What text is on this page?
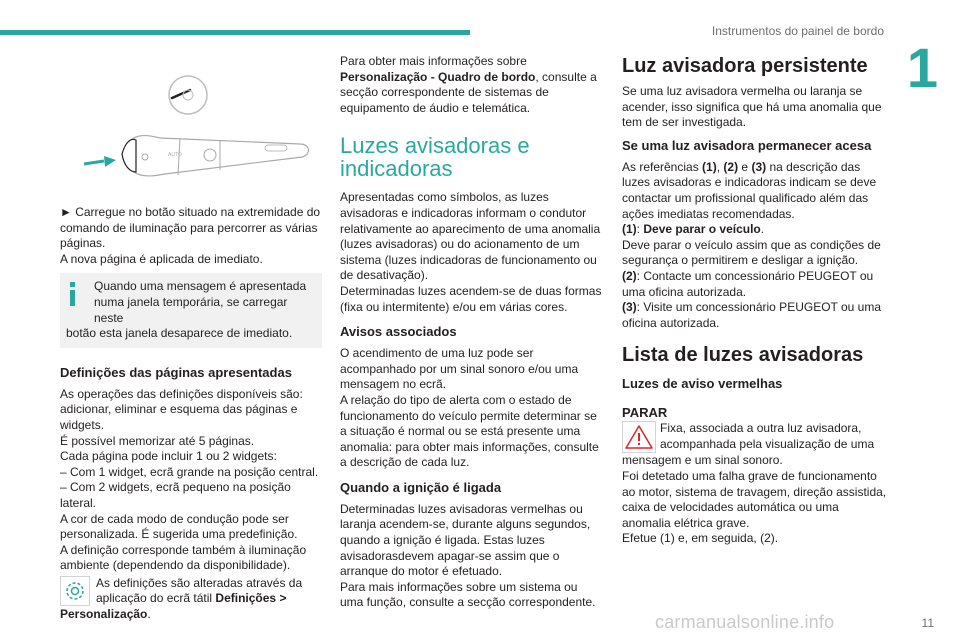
Instrumentos do painel de bordo
1
11
carmanualsonline.info
AUTO

► Carregue no botão situado na extremidade do comando de iluminação para percorrer as várias páginas.

A nova página é aplicada de imediato.

Quando uma mensagem é apresentada numa janela temporária, se carregar neste

botão esta janela desaparece de imediato.

Definições das páginas apresentadas

As operações das definições disponíveis são: adicionar, eliminar e esquema das páginas e widgets.

É possível memorizar até 5 páginas.

Cada página pode incluir 1 ou 2 widgets:

– Com 1 widget, ecrã grande na posição central.

– Com 2 widgets, ecrã pequeno na posição lateral.

A cor de cada modo de condução pode ser personalizada. É sugerida uma predefinição.

A definição corresponde também à iluminação ambiente (dependendo da disponibilidade).

As definições são alteradas através da aplicação do ecrã tátil Definições > Personalização.

Para obter mais informações sobre Personalização - Quadro de bordo, consulte a secção correspondente de sistemas de equipamento de áudio e telemática.

Luzes avisadoras e indicadoras

Apresentadas como símbolos, as luzes avisadoras e indicadoras informam o condutor relativamente ao aparecimento de uma anomalia (luzes avisadoras) ou do acionamento de um sistema (luzes indicadoras de funcionamento ou de desativação).

Determinadas luzes acendem-se de duas formas (fixa ou intermitente) e/ou em várias cores.

Avisos associados

O acendimento de uma luz pode ser acompanhado por um sinal sonoro e/ou uma mensagem no ecrã.

A relação do tipo de alerta com o estado de funcionamento do veículo permite determinar se a situação é normal ou se está presente uma anomalia: para obter mais informações, consulte a descrição de cada luz.

Quando a ignição é ligada

Determinadas luzes avisadoras vermelhas ou laranja acendem-se, durante alguns segundos, quando a ignição é ligada. Estas luzes avisadorasdevem apagar-se assim que o arranque do motor é efetuado.

Para mais informações sobre um sistema ou uma função, consulte a secção correspondente.

Luz avisadora persistente

Se uma luz avisadora vermelha ou laranja se acender, isso significa que há uma anomalia que tem de ser investigada.

Se uma luz avisadora permanecer acesa

As referências (1), (2) e (3) na descrição das luzes avisadoras e indicadoras indicam se deve contactar um profissional qualificado além das ações imediatas recomendadas.

(1): Deve parar o veículo.

Deve parar o veículo assim que as condições de segurança o permitirem e desligar a ignição.

(2): Contacte um concessionário PEUGEOT ou uma oficina autorizada.

(3): Visite um concessionário PEUGEOT ou uma oficina autorizada.

Lista de luzes avisadoras

Luzes de aviso vermelhas

PARAR

Fixa, associada a outra luz avisadora, acompanhada pela visualização de uma

mensagem e um sinal sonoro.

Foi detetado uma falha grave de funcionamento ao motor, sistema de travagem, direção assistida, caixa de velocidades automática ou uma anomalia elétrica grave.

Efetue (1) e, em seguida, (2).
